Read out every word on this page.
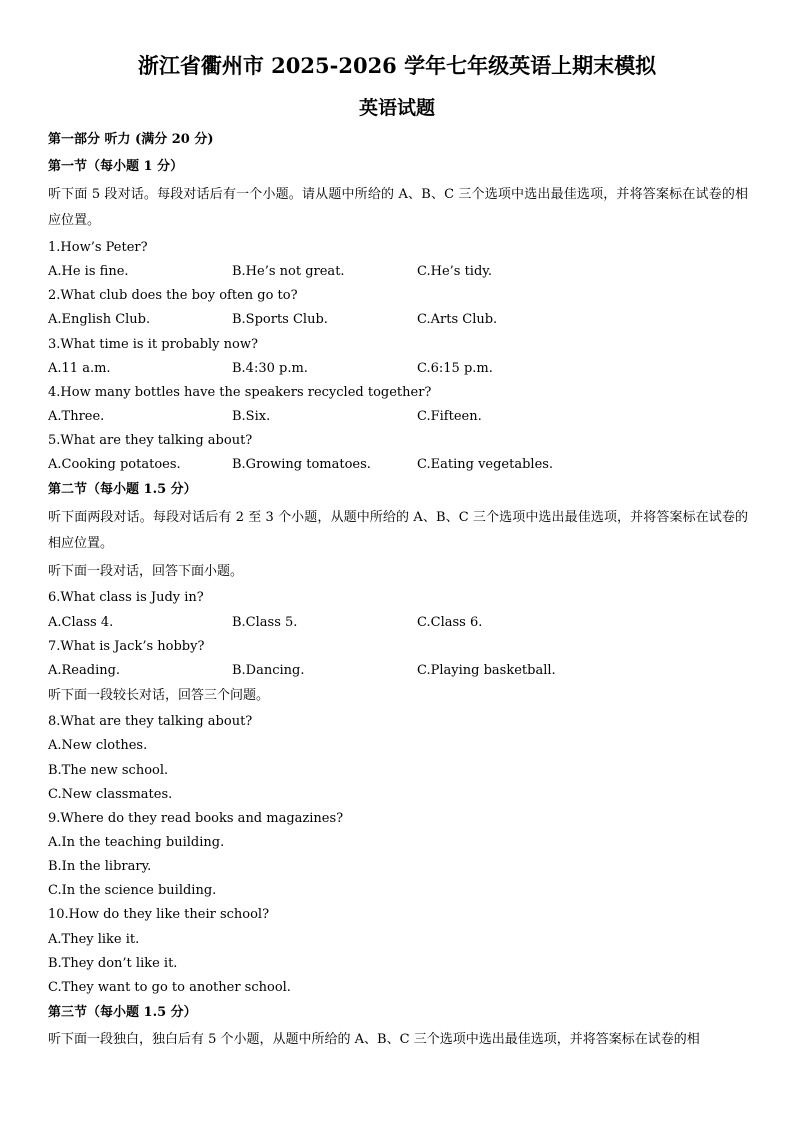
浙江省衢州市 2025-2026 学年七年级英语上期末模拟
英语试题
第一部分 听力 (满分 20 分)
第一节（每小题 1 分）
听下面 5 段对话。每段对话后有一个小题。请从题中所给的 A、B、C 三个选项中选出最佳选项，并将答案标在试卷的相应位置。
1.How’s Peter?
A.He is fine.	B.He’s not great.	C.He’s tidy.
2.What club does the boy often go to?
A.English Club.	B.Sports Club.	C.Arts Club.
3.What time is it probably now?
A.11 a.m.	B.4:30 p.m.	C.6:15 p.m.
4.How many bottles have the speakers recycled together?
A.Three.	B.Six.	C.Fifteen.
5.What are they talking about?
A.Cooking potatoes.	B.Growing tomatoes.	C.Eating vegetables.
第二节（每小题 1.5 分）
听下面两段对话。每段对话后有 2 至 3 个小题，从题中所给的 A、B、C 三个选项中选出最佳选项，并将答案标在试卷的相应位置。
听下面一段对话，回答下面小题。
6.What class is Judy in?
A.Class 4.	B.Class 5.	C.Class 6.
7.What is Jack’s hobby?
A.Reading.	B.Dancing.	C.Playing basketball.
听下面一段较长对话，回答三个问题。
8.What are they talking about?
A.New clothes.
B.The new school.
C.New classmates.
9.Where do they read books and magazines?
A.In the teaching building.
B.In the library.
C.In the science building.
10.How do they like their school?
A.They like it.
B.They don’t like it.
C.They want to go to another school.
第三节（每小题 1.5 分）
听下面一段独白，独白后有 5 个小题，从题中所给的 A、B、C 三个选项中选出最佳选项，并将答案标在试卷的相
